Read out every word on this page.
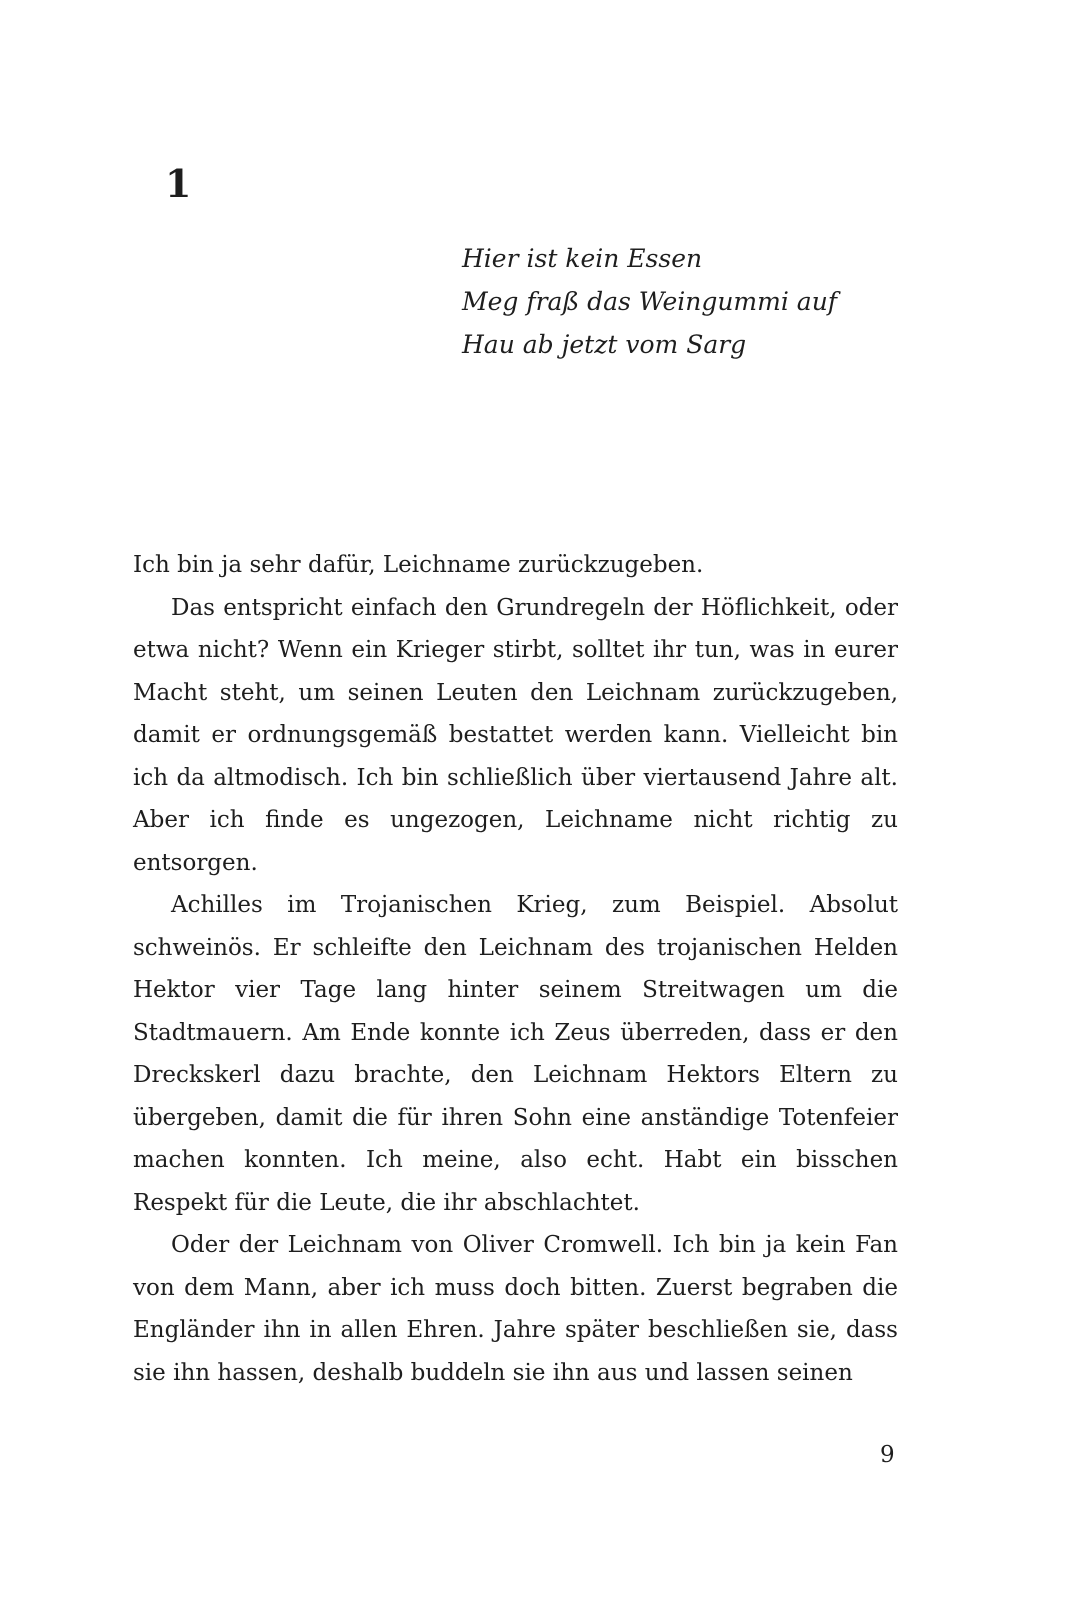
1
Hier ist kein Essen
Meg fraß das Weingummi auf
Hau ab jetzt vom Sarg

Ich bin ja sehr dafür, Leichname zurückzugeben.

Das entspricht einfach den Grundregeln der Höflichkeit, oder etwa nicht? Wenn ein Krieger stirbt, solltet ihr tun, was in eurer Macht steht, um seinen Leuten den Leichnam zurückzugeben, damit er ordnungsgemäß bestattet werden kann. Vielleicht bin ich da altmodisch. Ich bin schließlich über viertausend Jahre alt. Aber ich finde es ungezogen, Leichname nicht richtig zu entsorgen.

Achilles im Trojanischen Krieg, zum Beispiel. Absolut schweinös. Er schleifte den Leichnam des trojanischen Helden Hektor vier Tage lang hinter seinem Streitwagen um die Stadtmauern. Am Ende konnte ich Zeus überreden, dass er den Dreckskerl dazu brachte, den Leichnam Hektors Eltern zu übergeben, damit die für ihren Sohn eine anständige Totenfeier machen konnten. Ich meine, also echt. Habt ein bisschen Respekt für die Leute, die ihr abschlachtet.

Oder der Leichnam von Oliver Cromwell. Ich bin ja kein Fan von dem Mann, aber ich muss doch bitten. Zuerst begraben die Engländer ihn in allen Ehren. Jahre später beschließen sie, dass sie ihn hassen, deshalb buddeln sie ihn aus und lassen seinen

9
